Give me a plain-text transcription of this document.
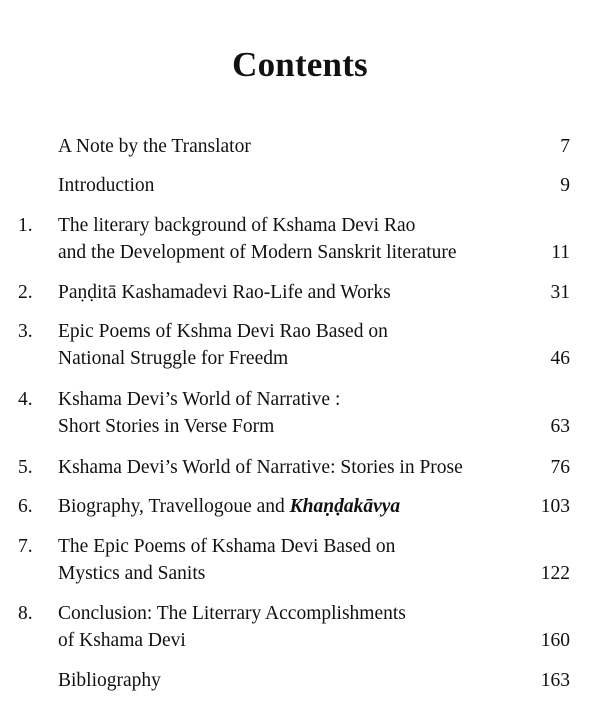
Contents
A Note by the Translator	7
Introduction	9
1. The literary background of Kshama Devi Rao
and the Development of Modern Sanskrit literature	11
2. Paṇḍitā Kashamadevi Rao-Life and Works	31
3. Epic Poems of Kshma Devi Rao Based on
National Struggle for Freedm	46
4. Kshama Devi’s World of Narrative :
Short Stories in Verse Form	63
5. Kshama Devi’s World of Narrative: Stories in Prose	76
6. Biography, Travellogoue and Khaṇḍakāvya	103
7. The Epic Poems of Kshama Devi Based on
Mystics and Sanits	122
8. Conclusion: The Literrary Accomplishments
of Kshama Devi	160
Bibliography	163
